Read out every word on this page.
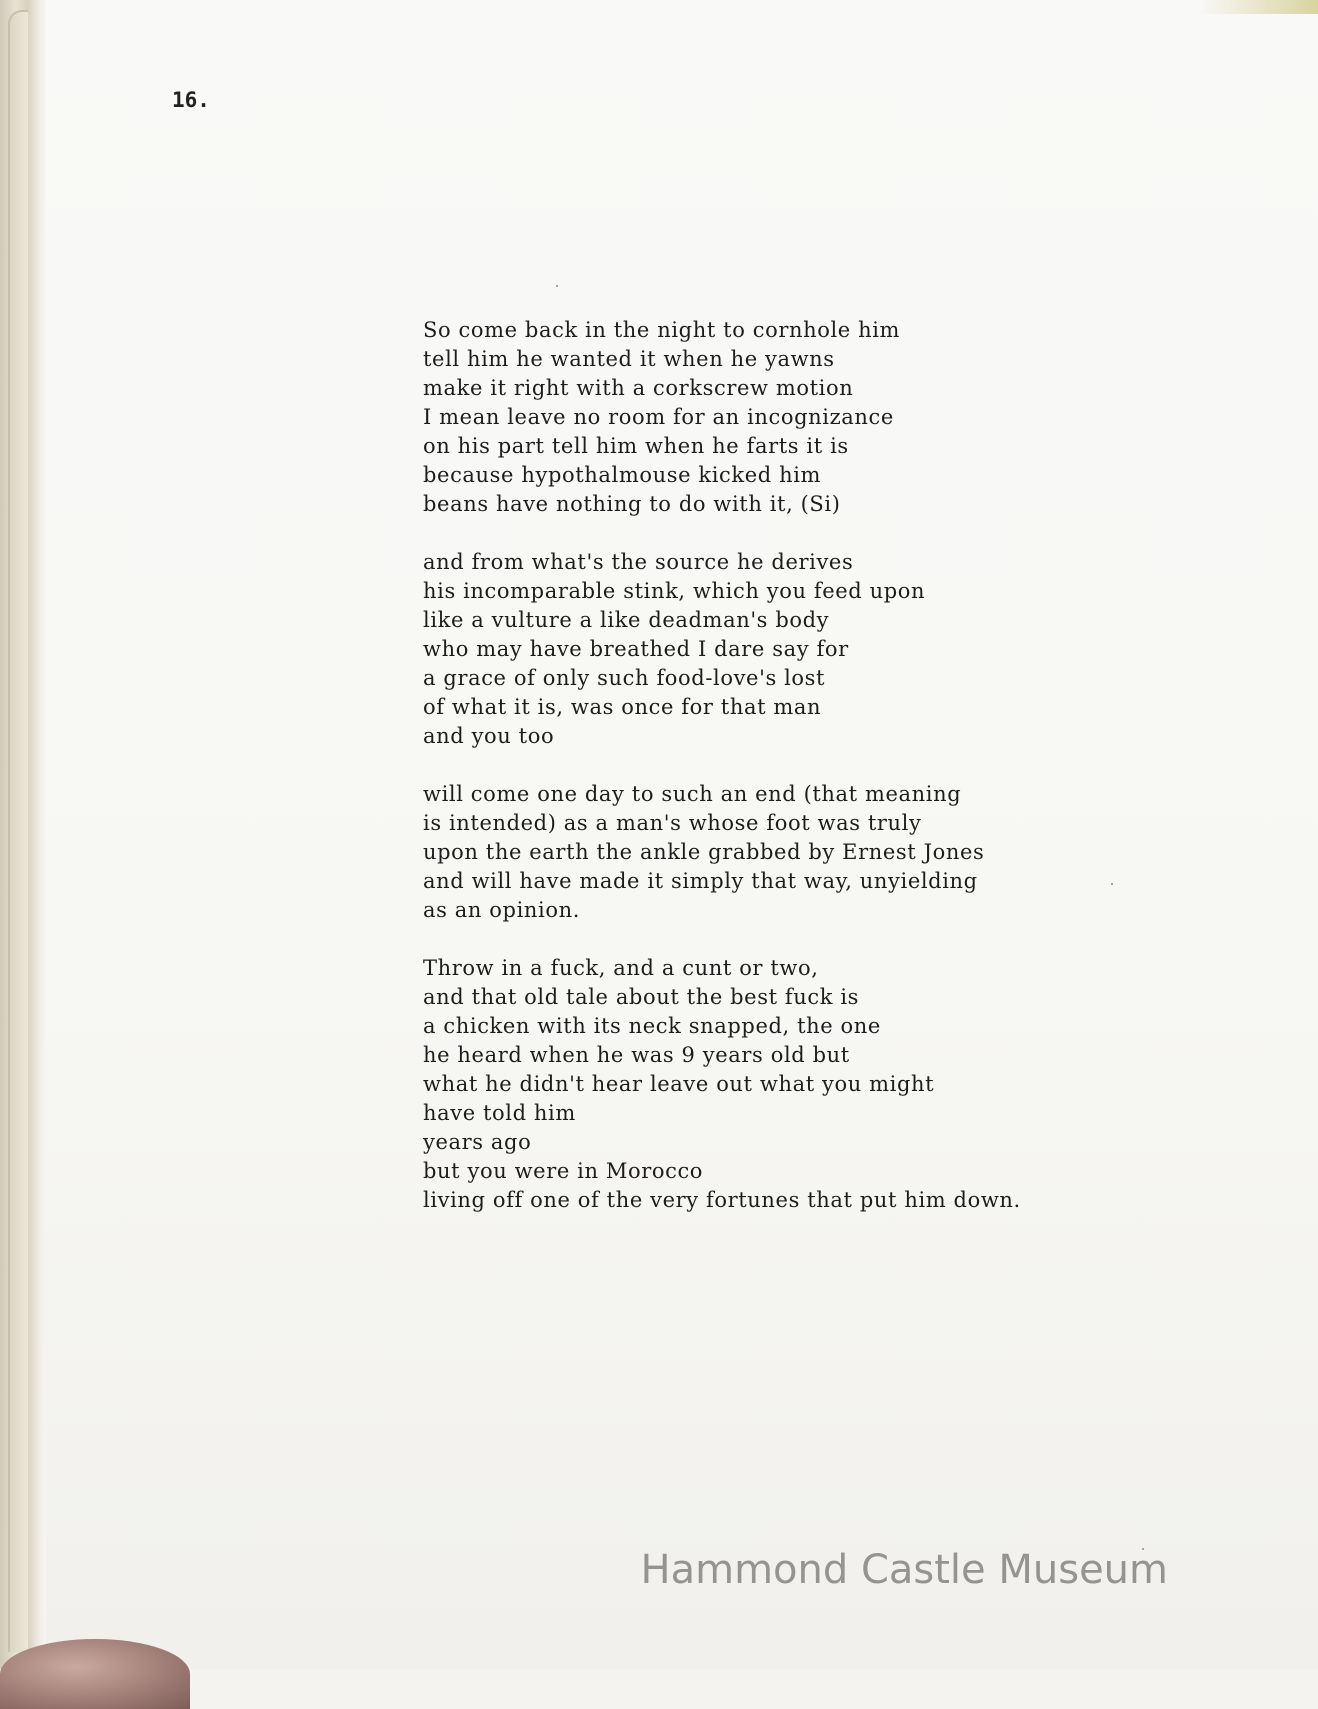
16.

So come back in the night to cornhole him
tell him he wanted it when he yawns
make it right with a corkscrew motion
I mean leave no room for an incognizance
on his part tell him when he farts it is
because hypothalmouse kicked him
beans have nothing to do with it, (Si)
and from what's the source he derives
his incomparable stink, which you feed upon
like a vulture a like deadman's body
who may have breathed I dare say for
a grace of only such food-love's lost
of what it is, was once for that man
and you too
will come one day to such an end (that meaning
is intended) as a man's whose foot was truly
upon the earth the ankle grabbed by Ernest Jones
and will have made it simply that way, unyielding
as an opinion.
Throw in a fuck, and a cunt or two,
and that old tale about the best fuck is
a chicken with its neck snapped, the one
he heard when he was 9 years old but
what he didn't hear leave out what you might
have told him
years ago
but you were in Morocco
living off one of the very fortunes that put him down.
Hammond Castle Museum
